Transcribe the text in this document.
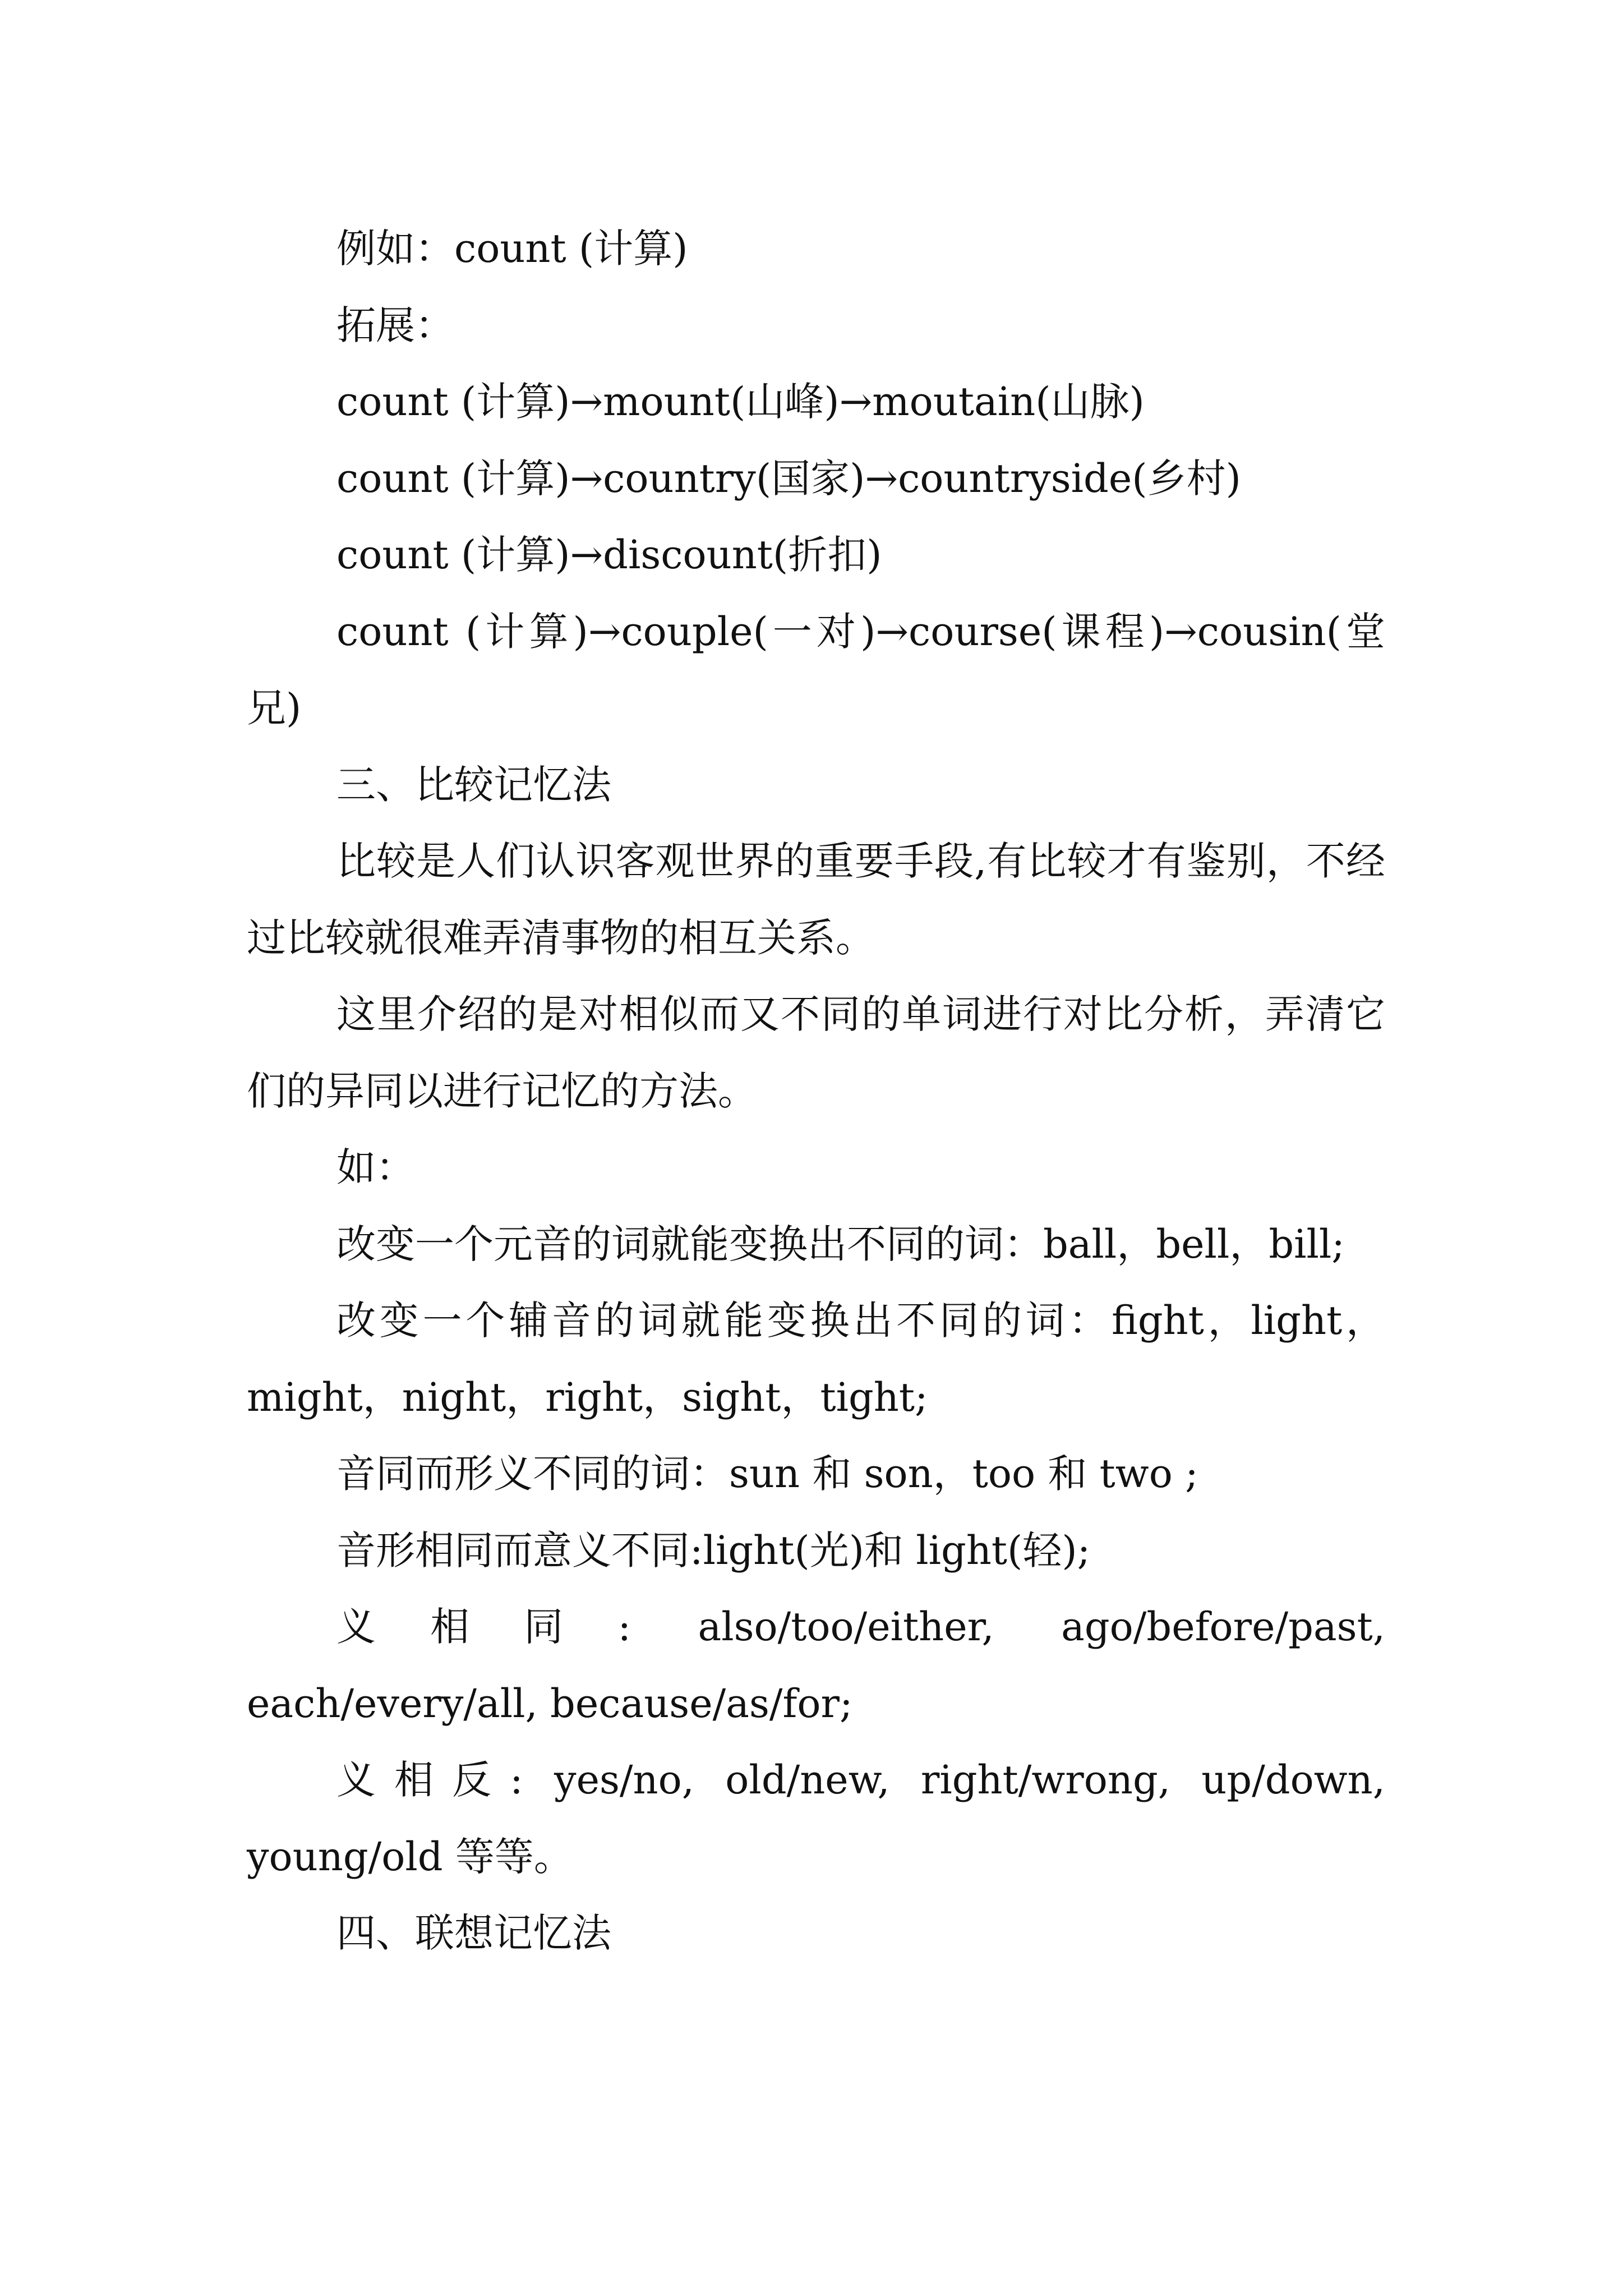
例如：count (计算)

拓展：

count (计算)→mount(山峰)→moutain(山脉)

count (计算)→country(国家)→countryside(乡村)

count (计算)→discount(折扣)

count (计算)→couple(一对)→course(课程)→cousin(堂兄)

三、比较记忆法

比较是人们认识客观世界的重要手段,有比较才有鉴别，不经过比较就很难弄清事物的相互关系。

这里介绍的是对相似而又不同的单词进行对比分析，弄清它们的异同以进行记忆的方法。

如：

改变一个元音的词就能变换出不同的词：ball，bell，bill;

改变一个辅音的词就能变换出不同的词：fight，light，might，night，right，sight，tight;

音同而形义不同的词：sun 和 son，too 和 two ;

音形相同而意义不同:light(光)和 light(轻);

义相同: also/too/either, ago/before/past, each/every/all, because/as/for;

义相反: yes/no, old/new, right/wrong, up/down, young/old 等等。

四、联想记忆法
